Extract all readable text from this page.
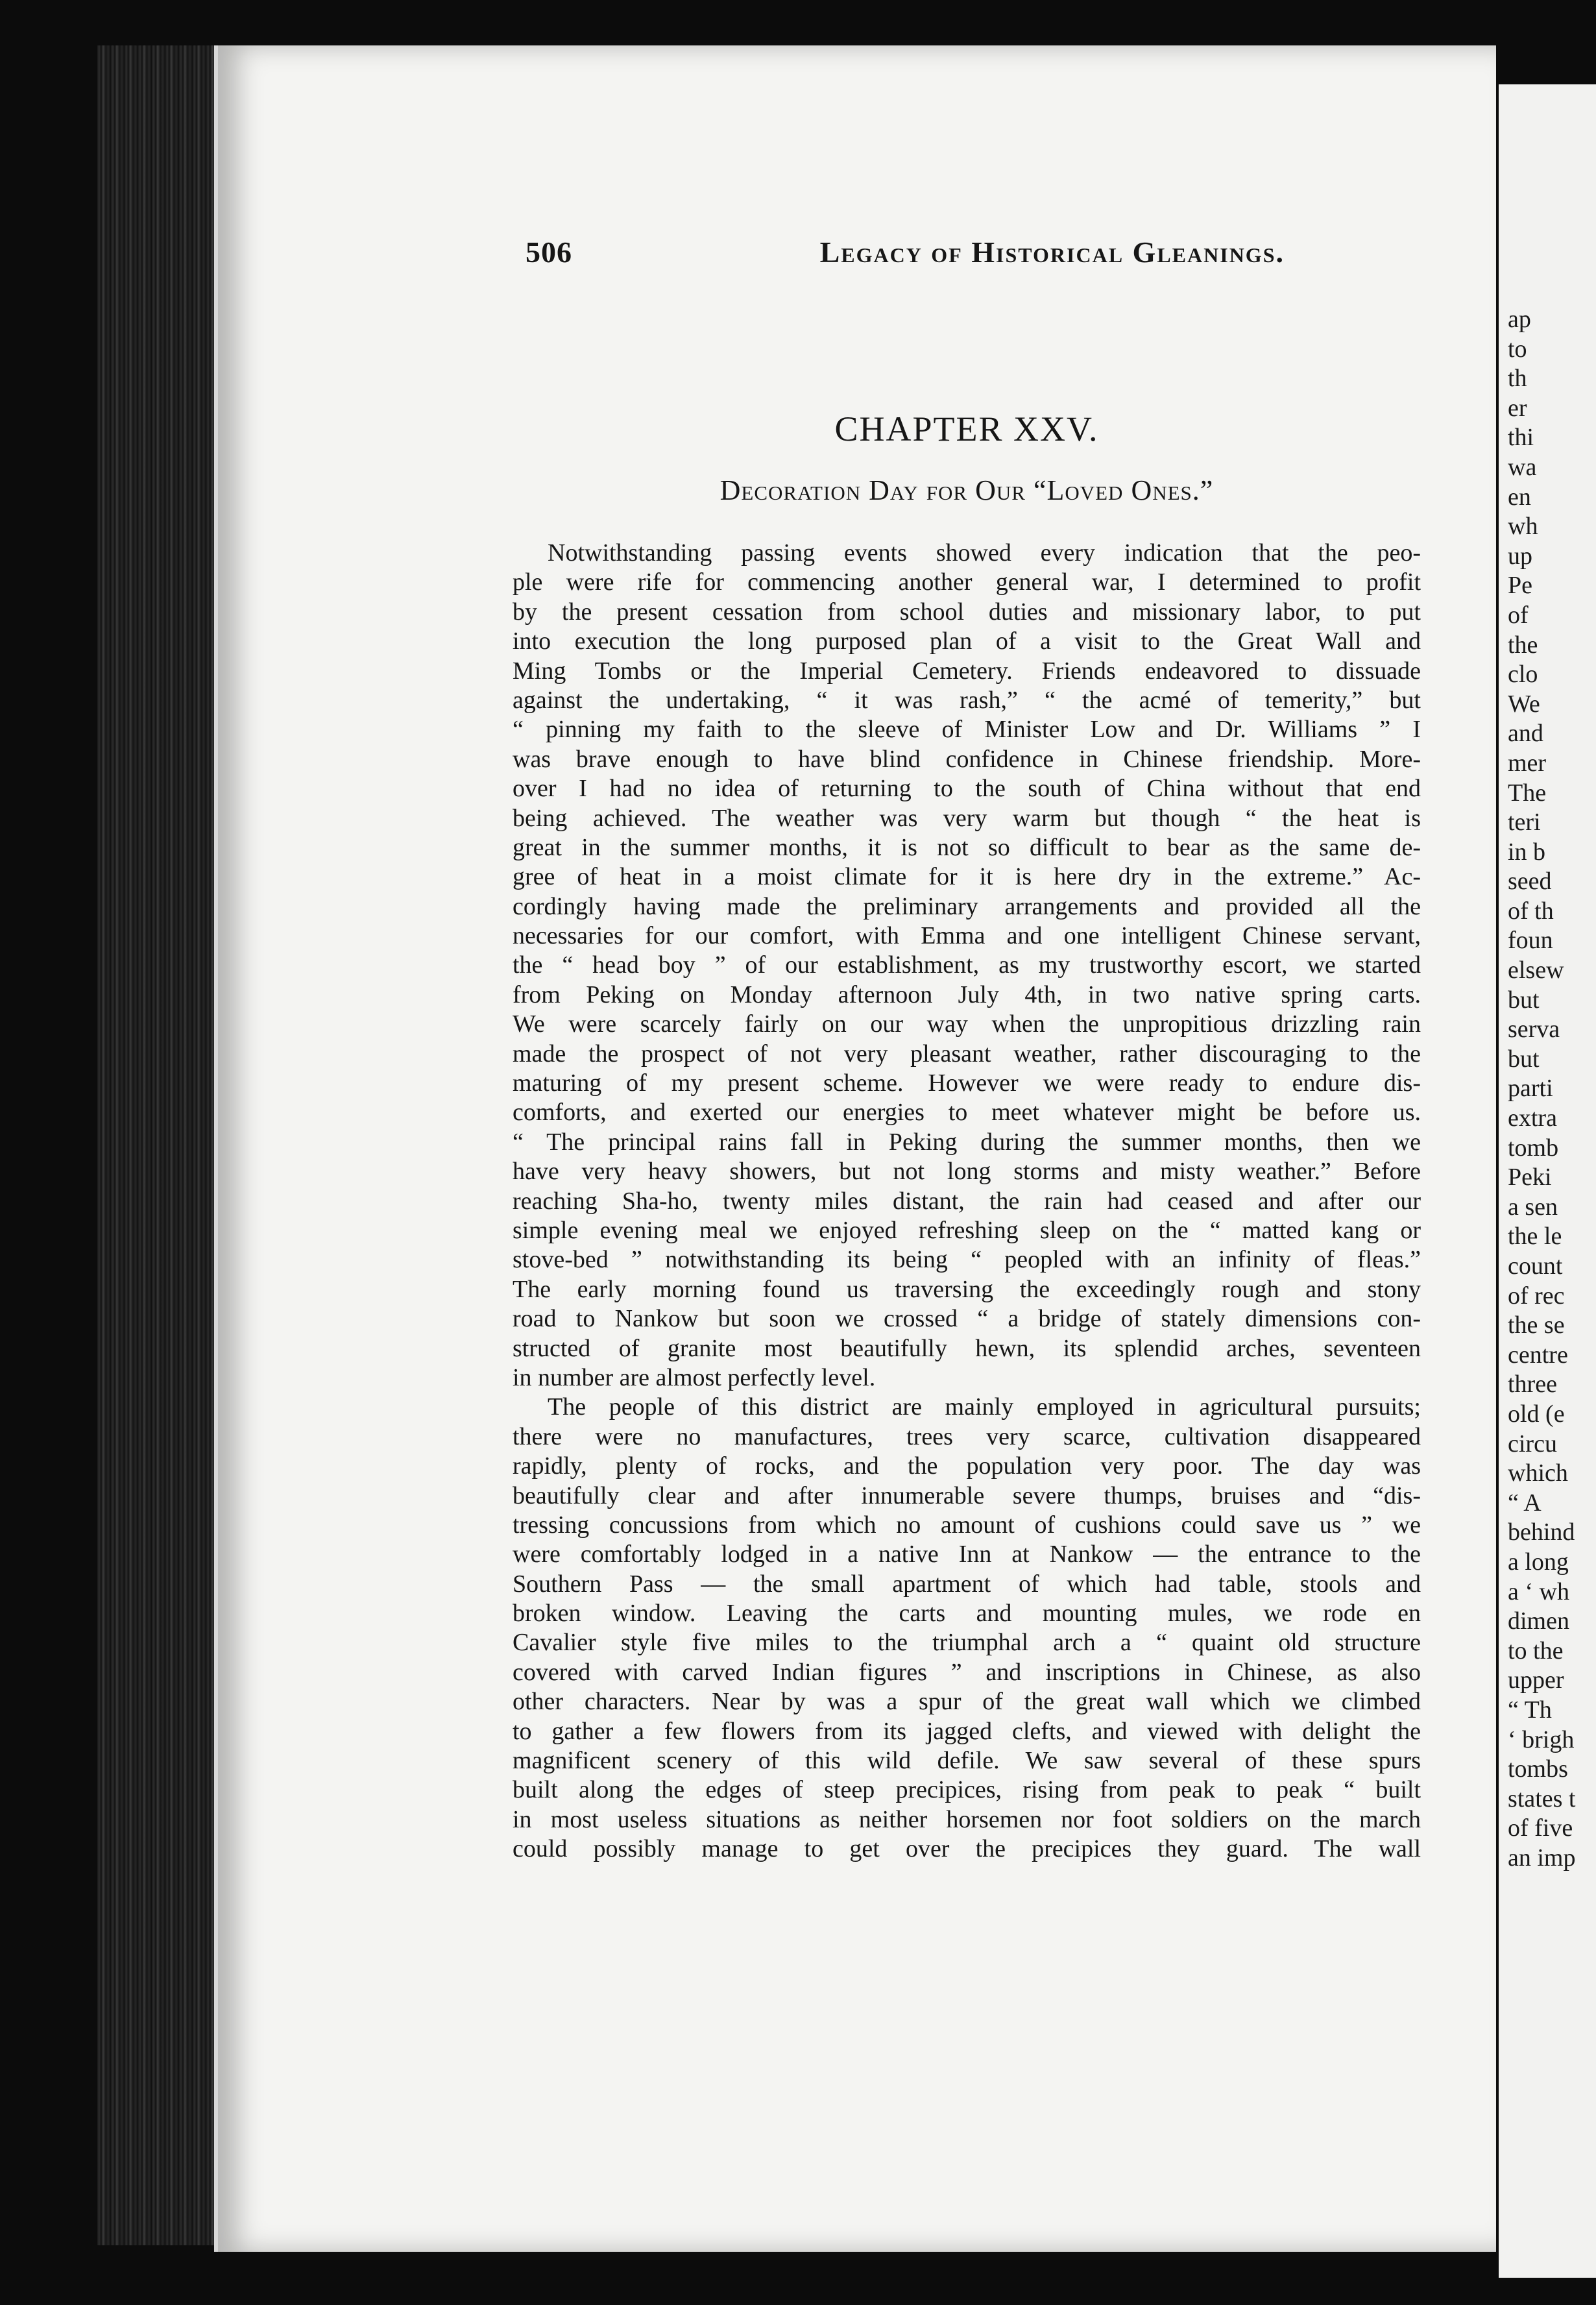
ap
to
th
er
thi
wa
en
wh
up
Pe
of
the
clo
We
and
mer
The
teri
in b
seed
of th
foun
elsew
but
serva
but
parti
extra
tomb
Peki
a sen
the le
count
of rec
the se
centre
three
old (e
circu
which
“ A
behind
a long
a ‘ wh
dimen
to the
upper
“ Th
‘ brigh
tombs
states t
of five
an imp
506	Legacy of Historical Gleanings.
CHAPTER XXV.
Decoration Day for Our “Loved Ones.”
Notwithstanding passing events showed every indication that the peo-
ple were rife for commencing another general war, I determined to profit
by the present cessation from school duties and missionary labor, to put
into execution the long purposed plan of a visit to the Great Wall and
Ming Tombs or the Imperial Cemetery. Friends endeavored to dissuade
against the undertaking, “ it was rash,” “ the acmé of temerity,” but
“ pinning my faith to the sleeve of Minister Low and Dr. Williams ” I
was brave enough to have blind confidence in Chinese friendship. More-
over I had no idea of returning to the south of China without that end
being achieved. The weather was very warm but though “ the heat is
great in the summer months, it is not so difficult to bear as the same de-
gree of heat in a moist climate for it is here dry in the extreme.” Ac-
cordingly having made the preliminary arrangements and provided all the
necessaries for our comfort, with Emma and one intelligent Chinese servant,
the “ head boy ” of our establishment, as my trustworthy escort, we started
from Peking on Monday afternoon July 4th, in two native spring carts.
We were scarcely fairly on our way when the unpropitious drizzling rain
made the prospect of not very pleasant weather, rather discouraging to the
maturing of my present scheme. However we were ready to endure dis-
comforts, and exerted our energies to meet whatever might be before us.
“ The principal rains fall in Peking during the summer months, then we
have very heavy showers, but not long storms and misty weather.” Before
reaching Sha-ho, twenty miles distant, the rain had ceased and after our
simple evening meal we enjoyed refreshing sleep on the “ matted kang or
stove-bed ” notwithstanding its being “ peopled with an infinity of fleas.”
The early morning found us traversing the exceedingly rough and stony
road to Nankow but soon we crossed “ a bridge of stately dimensions con-
structed of granite most beautifully hewn, its splendid arches, seventeen
in number are almost perfectly level.
The people of this district are mainly employed in agricultural pursuits;
there were no manufactures, trees very scarce, cultivation disappeared
rapidly, plenty of rocks, and the population very poor. The day was
beautifully clear and after innumerable severe thumps, bruises and “dis-
tressing concussions from which no amount of cushions could save us ” we
were comfortably lodged in a native Inn at Nankow — the entrance to the
Southern Pass — the small apartment of which had table, stools and
broken window. Leaving the carts and mounting mules, we rode en
Cavalier style five miles to the triumphal arch a “ quaint old structure
covered with carved Indian figures ” and inscriptions in Chinese, as also
other characters. Near by was a spur of the great wall which we climbed
to gather a few flowers from its jagged clefts, and viewed with delight the
magnificent scenery of this wild defile. We saw several of these spurs
built along the edges of steep precipices, rising from peak to peak “ built
in most useless situations as neither horsemen nor foot soldiers on the march
could possibly manage to get over the precipices they guard. The wall
